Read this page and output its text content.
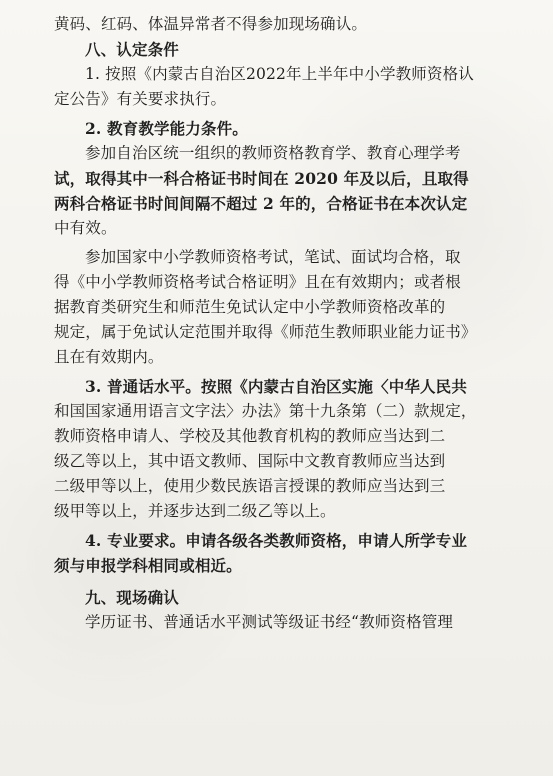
黄码、红码、体温异常者不得参加现场确认。
八、认定条件
1. 按照《内蒙古自治区2022年上半年中小学教师资格认
定公告》有关要求执行。
2. 教育教学能力条件。
参加自治区统一组织的教师资格教育学、教育心理学考
试，取得其中一科合格证书时间在 2020 年及以后，且取得
两科合格证书时间间隔不超过 2 年的，合格证书在本次认定
中有效。
参加国家中小学教师资格考试，笔试、面试均合格，取
得《中小学教师资格考试合格证明》且在有效期内；或者根
据教育类研究生和师范生免试认定中小学教师资格改革的
规定，属于免试认定范围并取得《师范生教师职业能力证书》
且在有效期内。
3. 普通话水平。按照《内蒙古自治区实施〈中华人民共
和国国家通用语言文字法〉办法》第十九条第（二）款规定，
教师资格申请人、学校及其他教育机构的教师应当达到二
级乙等以上，其中语文教师、国际中文教育教师应当达到
二级甲等以上，使用少数民族语言授课的教师应当达到三
级甲等以上，并逐步达到二级乙等以上。
4. 专业要求。申请各级各类教师资格，申请人所学专业
须与申报学科相同或相近。
九、现场确认
学历证书、普通话水平测试等级证书经“教师资格管理
